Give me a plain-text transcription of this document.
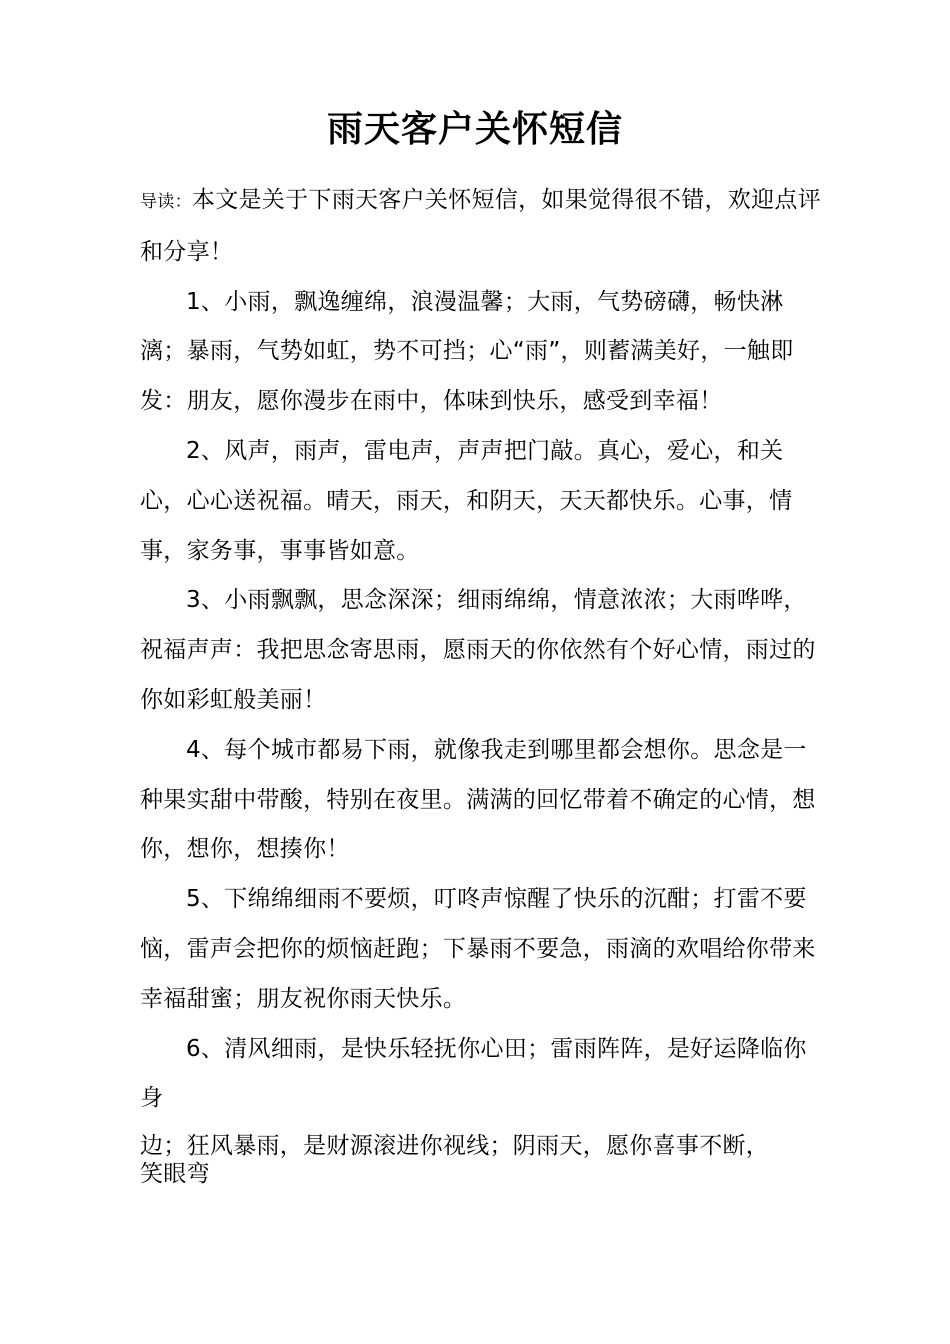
雨天客户关怀短信

导读：本文是关于下雨天客户关怀短信，如果觉得很不错，欢迎点评和分享！

1、小雨，飘逸缠绵，浪漫温馨；大雨，气势磅礴，畅快淋漓；暴雨，气势如虹，势不可挡；心“雨”，则蓄满美好，一触即发：朋友，愿你漫步在雨中，体味到快乐，感受到幸福！

2、风声，雨声，雷电声，声声把门敲。真心，爱心，和关心，心心送祝福。晴天，雨天，和阴天，天天都快乐。心事，情事，家务事，事事皆如意。

3、小雨飘飘，思念深深；细雨绵绵，情意浓浓；大雨哗哗，祝福声声：我把思念寄思雨，愿雨天的你依然有个好心情，雨过的你如彩虹般美丽！

4、每个城市都易下雨，就像我走到哪里都会想你。思念是一种果实甜中带酸，特别在夜里。满满的回忆带着不确定的心情，想你，想你，想揍你！

5、下绵绵细雨不要烦，叮咚声惊醒了快乐的沉酣；打雷不要恼，雷声会把你的烦恼赶跑；下暴雨不要急，雨滴的欢唱给你带来幸福甜蜜；朋友祝你雨天快乐。

6、清风细雨，是快乐轻抚你心田；雷雨阵阵，是好运降临你身

边；狂风暴雨，是财源滚进你视线；阴雨天，愿你喜事不断，

笑眼弯
